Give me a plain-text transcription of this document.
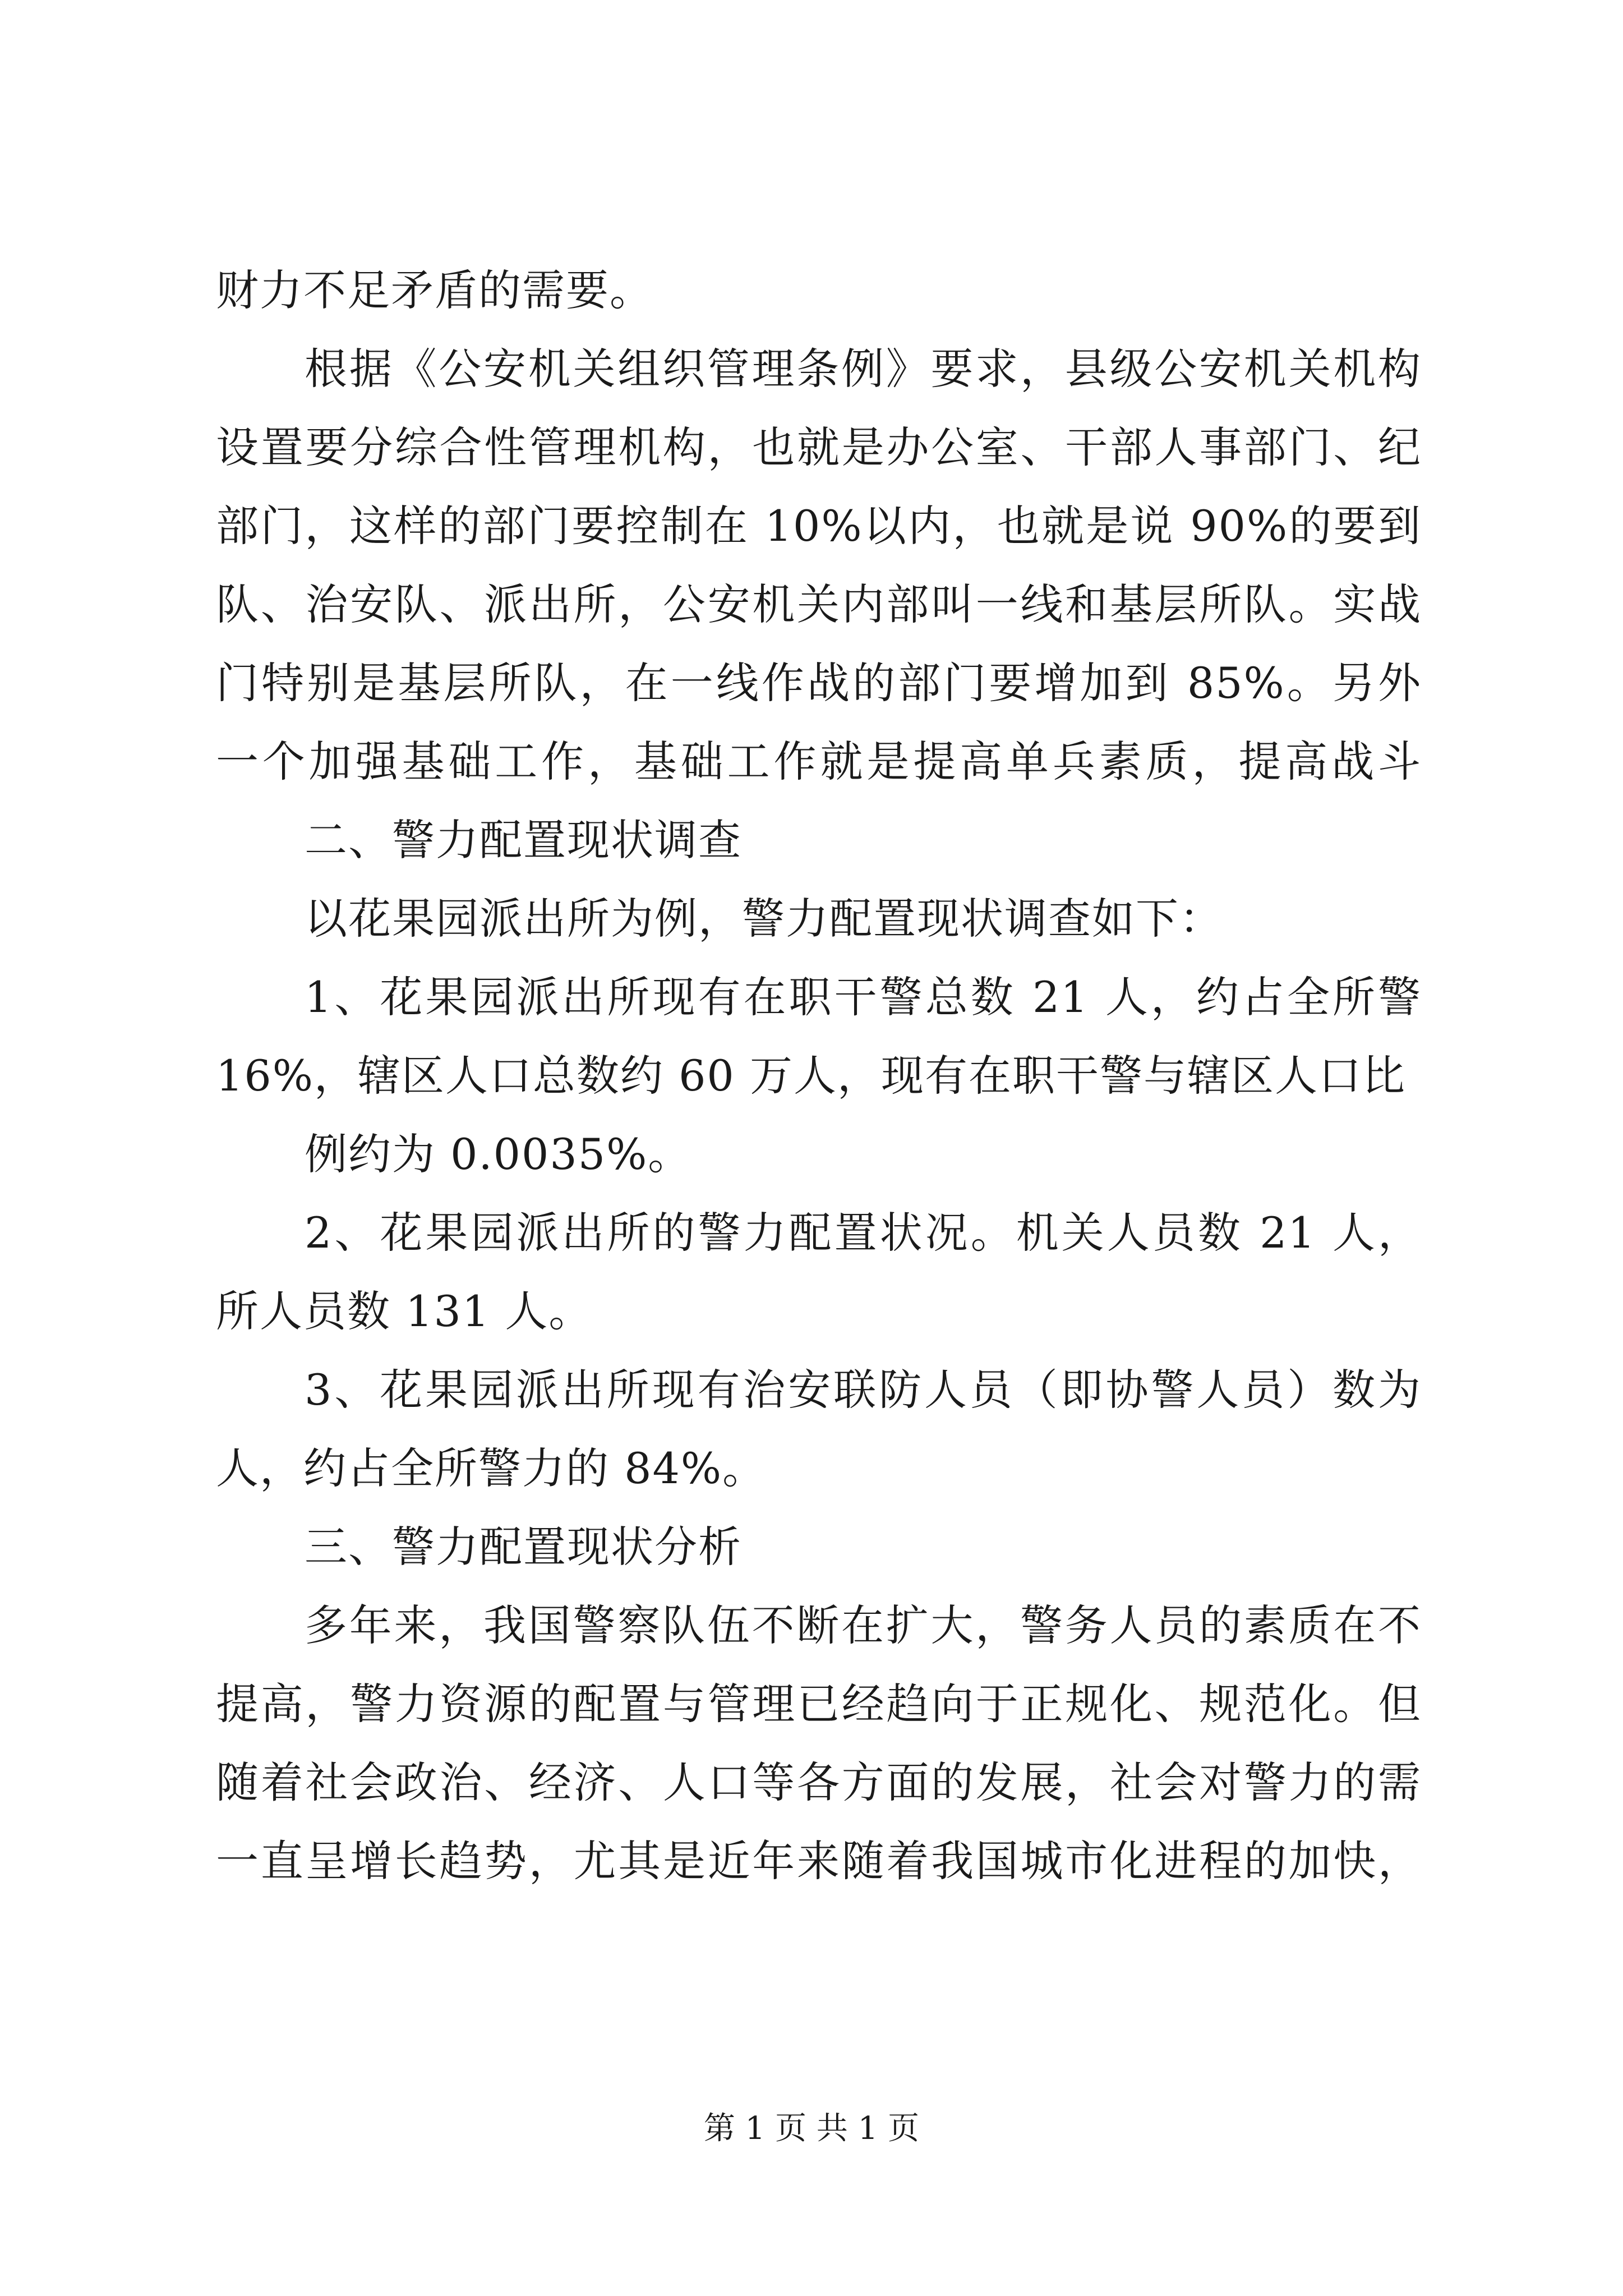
财力不足矛盾的需要。
根据《公安机关组织管理条例》要求，县级公安机关机构
设置要分综合性管理机构，也就是办公室、干部人事部门、纪
部门，这样的部门要控制在 10%以内，也就是说 90%的要到
队、治安队、派出所，公安机关内部叫一线和基层所队。实战
门特别是基层所队，在一线作战的部门要增加到 85%。另外
一个加强基础工作，基础工作就是提高单兵素质，提高战斗
二、警力配置现状调查
以花果园派出所为例，警力配置现状调查如下：
1、花果园派出所现有在职干警总数 21 人，约占全所警
16%，辖区人口总数约 60 万人，现有在职干警与辖区人口比
例约为 0.0035%。
2、花果园派出所的警力配置状况。机关人员数 21 人，
所人员数 131 人。
3、花果园派出所现有治安联防人员（即协警人员）数为
人，约占全所警力的 84%。
三、警力配置现状分析
多年来，我国警察队伍不断在扩大，警务人员的素质在不
提高，警力资源的配置与管理已经趋向于正规化、规范化。但
随着社会政治、经济、人口等各方面的发展，社会对警力的需
一直呈增长趋势，尤其是近年来随着我国城市化进程的加快，
第 1 页 共 1 页
